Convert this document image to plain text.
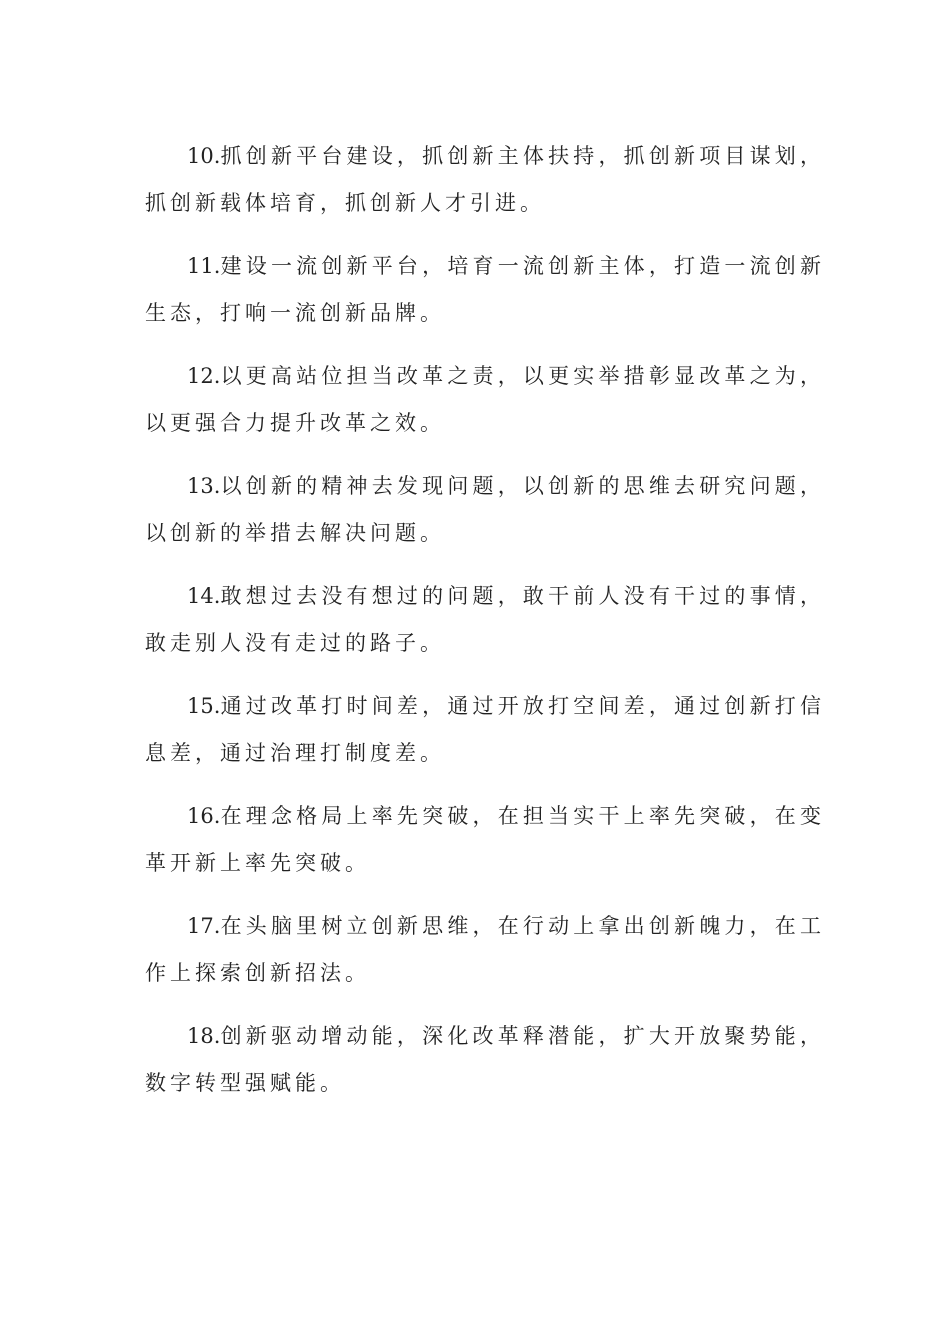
10.抓创新平台建设，抓创新主体扶持，抓创新项目谋划，抓创新载体培育，抓创新人才引进。

11.建设一流创新平台，培育一流创新主体，打造一流创新生态，打响一流创新品牌。

12.以更高站位担当改革之责，以更实举措彰显改革之为，以更强合力提升改革之效。

13.以创新的精神去发现问题，以创新的思维去研究问题，以创新的举措去解决问题。

14.敢想过去没有想过的问题，敢干前人没有干过的事情，敢走别人没有走过的路子。

15.通过改革打时间差，通过开放打空间差，通过创新打信息差，通过治理打制度差。

16.在理念格局上率先突破，在担当实干上率先突破，在变革开新上率先突破。

17.在头脑里树立创新思维，在行动上拿出创新魄力，在工作上探索创新招法。

18.创新驱动增动能，深化改革释潜能，扩大开放聚势能，数字转型强赋能。
